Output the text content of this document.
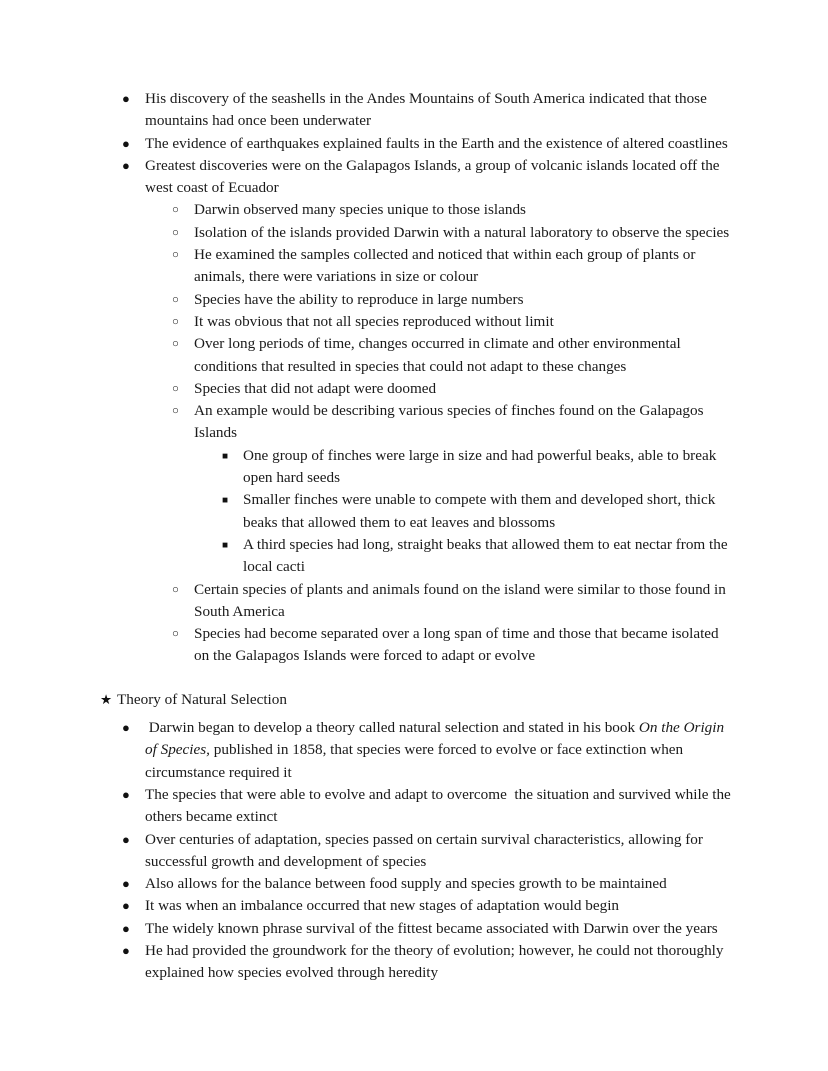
● His discovery of the seashells in the Andes Mountains of South America indicated that those mountains had once been underwater
● The evidence of earthquakes explained faults in the Earth and the existence of altered coastlines
● Greatest discoveries were on the Galapagos Islands, a group of volcanic islands located off the west coast of Ecuador
○ Darwin observed many species unique to those islands
○ Isolation of the islands provided Darwin with a natural laboratory to observe the species
○ He examined the samples collected and noticed that within each group of plants or animals, there were variations in size or colour
○ Species have the ability to reproduce in large numbers
○ It was obvious that not all species reproduced without limit
○ Over long periods of time, changes occurred in climate and other environmental conditions that resulted in species that could not adapt to these changes
○ Species that did not adapt were doomed
○ An example would be describing various species of finches found on the Galapagos Islands
■ One group of finches were large in size and had powerful beaks, able to break open hard seeds
■ Smaller finches were unable to compete with them and developed short, thick beaks that allowed them to eat leaves and blossoms
■ A third species had long, straight beaks that allowed them to eat nectar from the local cacti
○ Certain species of plants and animals found on the island were similar to those found in South America
○ Species had become separated over a long span of time and those that became isolated on the Galapagos Islands were forced to adapt or evolve
★ Theory of Natural Selection
● Darwin began to develop a theory called natural selection and stated in his book On the Origin of Species, published in 1858, that species were forced to evolve or face extinction when circumstance required it
● The species that were able to evolve and adapt to overcome  the situation and survived while the others became extinct
● Over centuries of adaptation, species passed on certain survival characteristics, allowing for successful growth and development of species
● Also allows for the balance between food supply and species growth to be maintained
● It was when an imbalance occurred that new stages of adaptation would begin
● The widely known phrase survival of the fittest became associated with Darwin over the years
● He had provided the groundwork for the theory of evolution; however, he could not thoroughly explained how species evolved through heredity
